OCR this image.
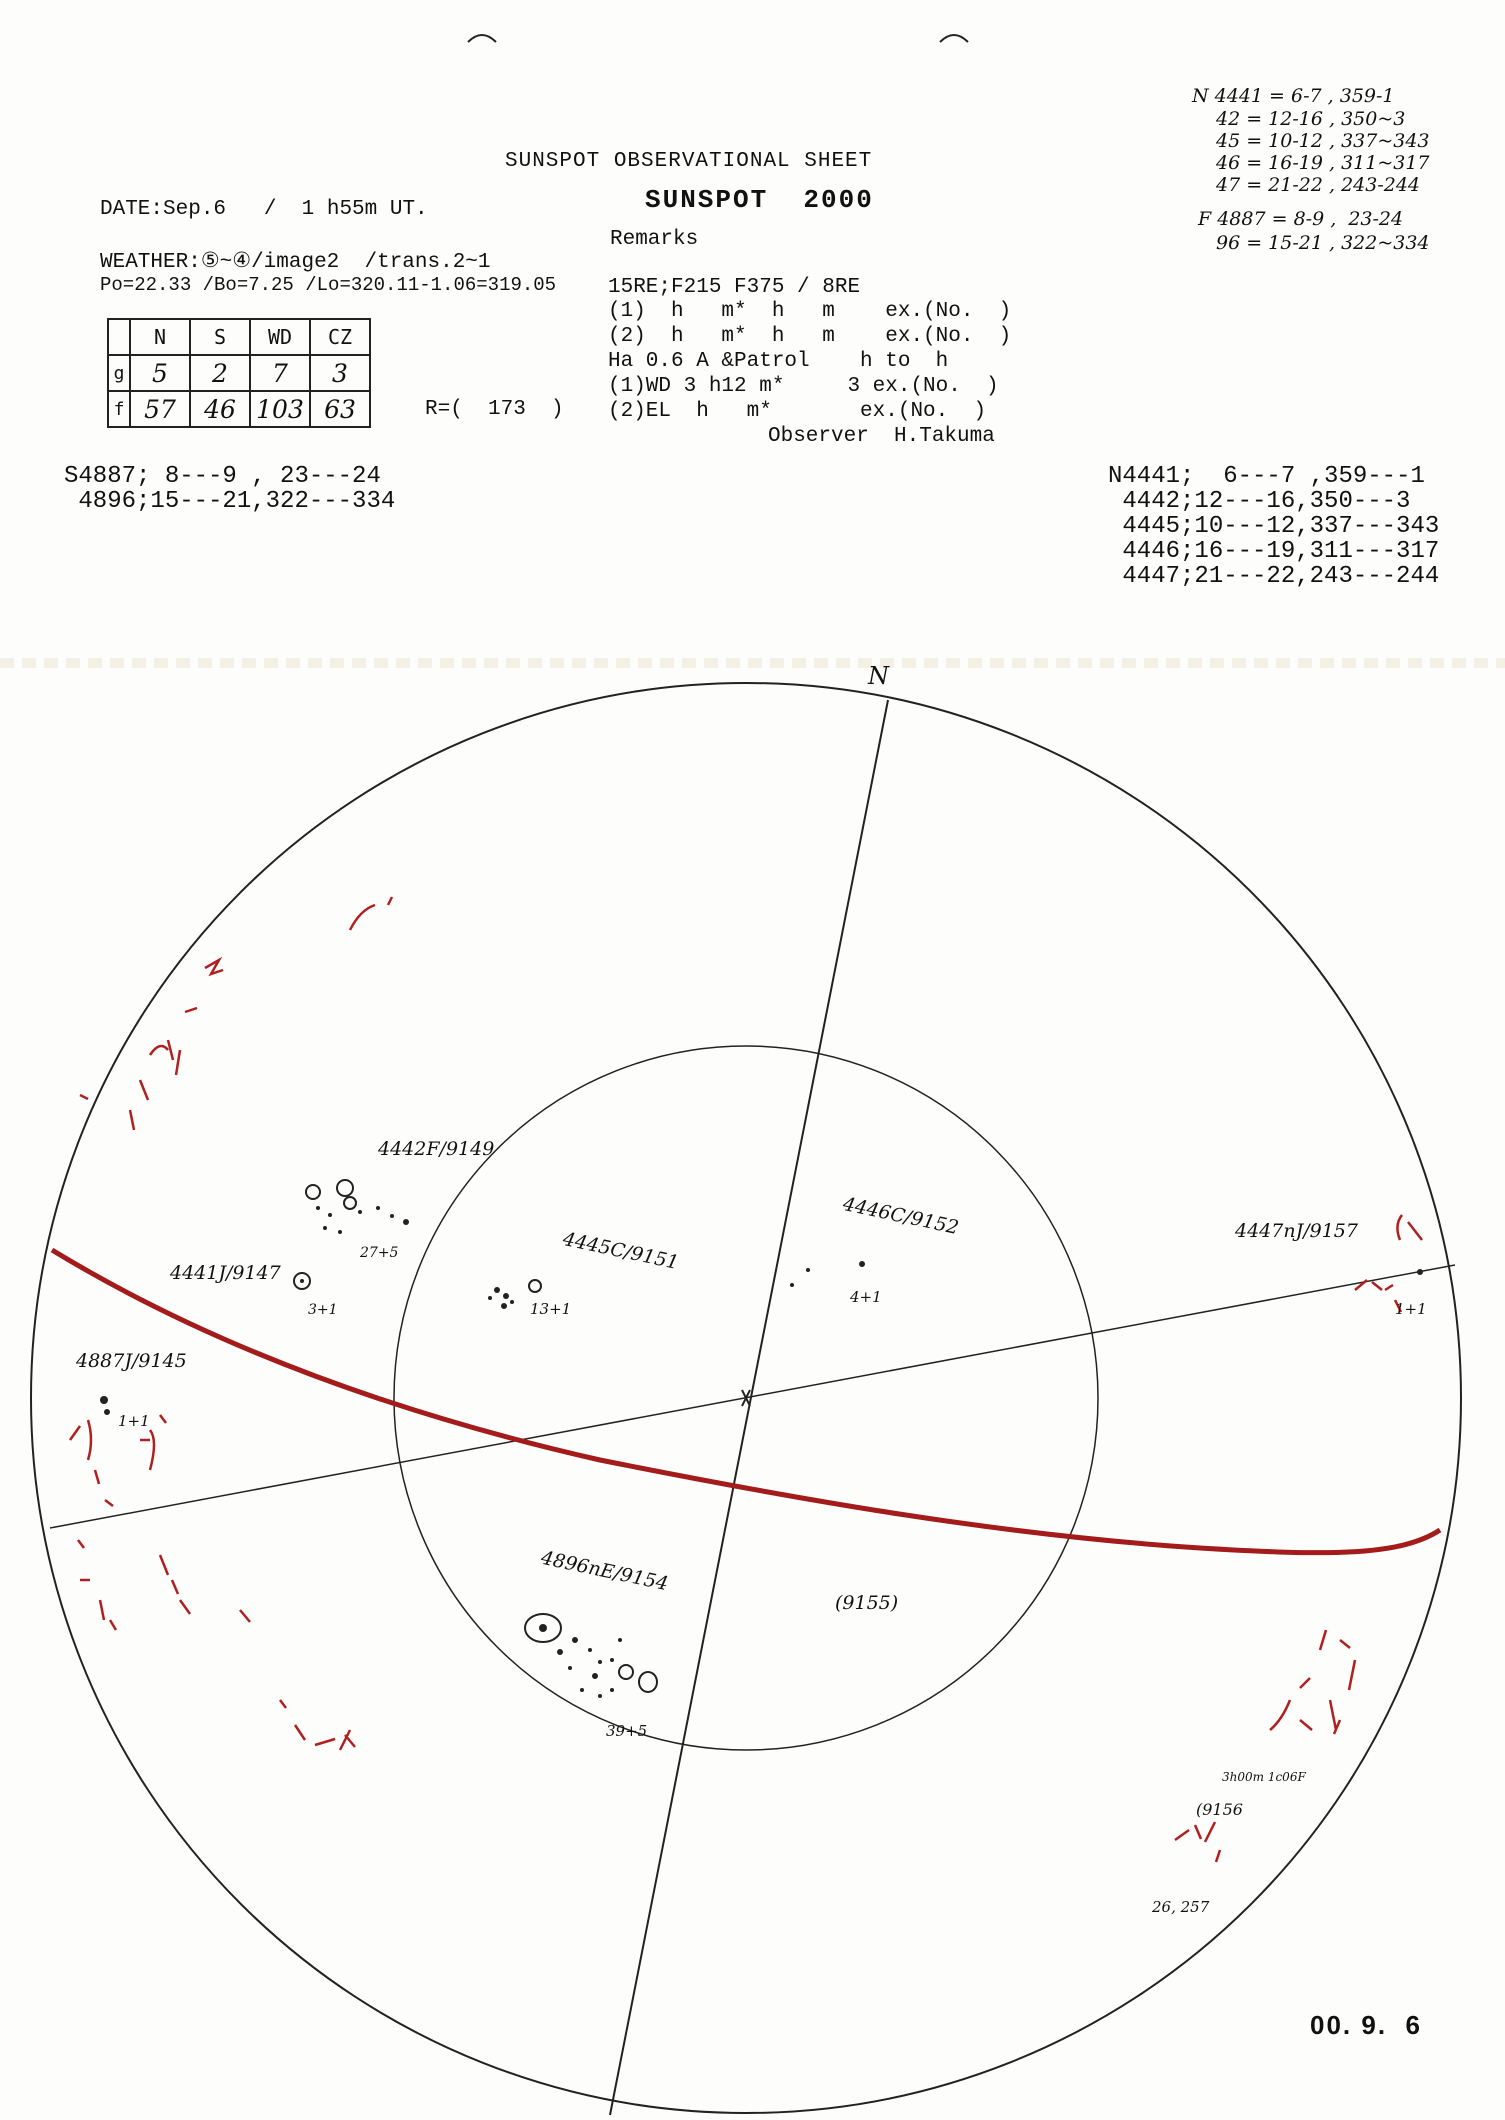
SUNSPOT OBSERVATIONAL SHEET
SUNSPOT  2000
Remarks
DATE:Sep.6   /  1 h55m UT.
WEATHER:⑤~④/image2  /trans.2~1
Po=22.33 /Bo=7.25 /Lo=320.11-1.06=319.05
	N	S	WD	CZ
g	5	2	7	3
f	57	46	103	63	R=(  173  )
15RE;F215 F375 / 8RE
(1)  h   m*  h   m    ex.(No.  )
(2)  h   m*  h   m    ex.(No.  )
Ha 0.6 A &Patrol    h to  h
(1)WD 3 h12 m*     3 ex.(No.  )
(2)EL  h   m*       ex.(No.  )
Observer  H.Takuma
N 4441 = 6-7 , 359-1
42 = 12-16 , 350~3
45 = 10-12 , 337~343
46 = 16-19 , 311~317
47 = 21-22 , 243-244
F 4887 = 8-9 ,  23-24
96 = 15-21 , 322~334
S4887; 8---9 , 23---24
4896;15---21,322---334
N4441;  6---7 ,359---1
4442;12---16,350---3
4445;10---12,337---343
4446;16---19,311---317
4447;21---22,243---244
N
4442F/9149
27+5
4441J/9147
3+1
4445C/9151
13+1
4446C/9152
4+1
4447nJ/9157
1+1
4887J/9145
1+1
4896nE/9154
39+5
(9155)
3h00m 1c06F
(9156
26, 257
00. 9.  6
